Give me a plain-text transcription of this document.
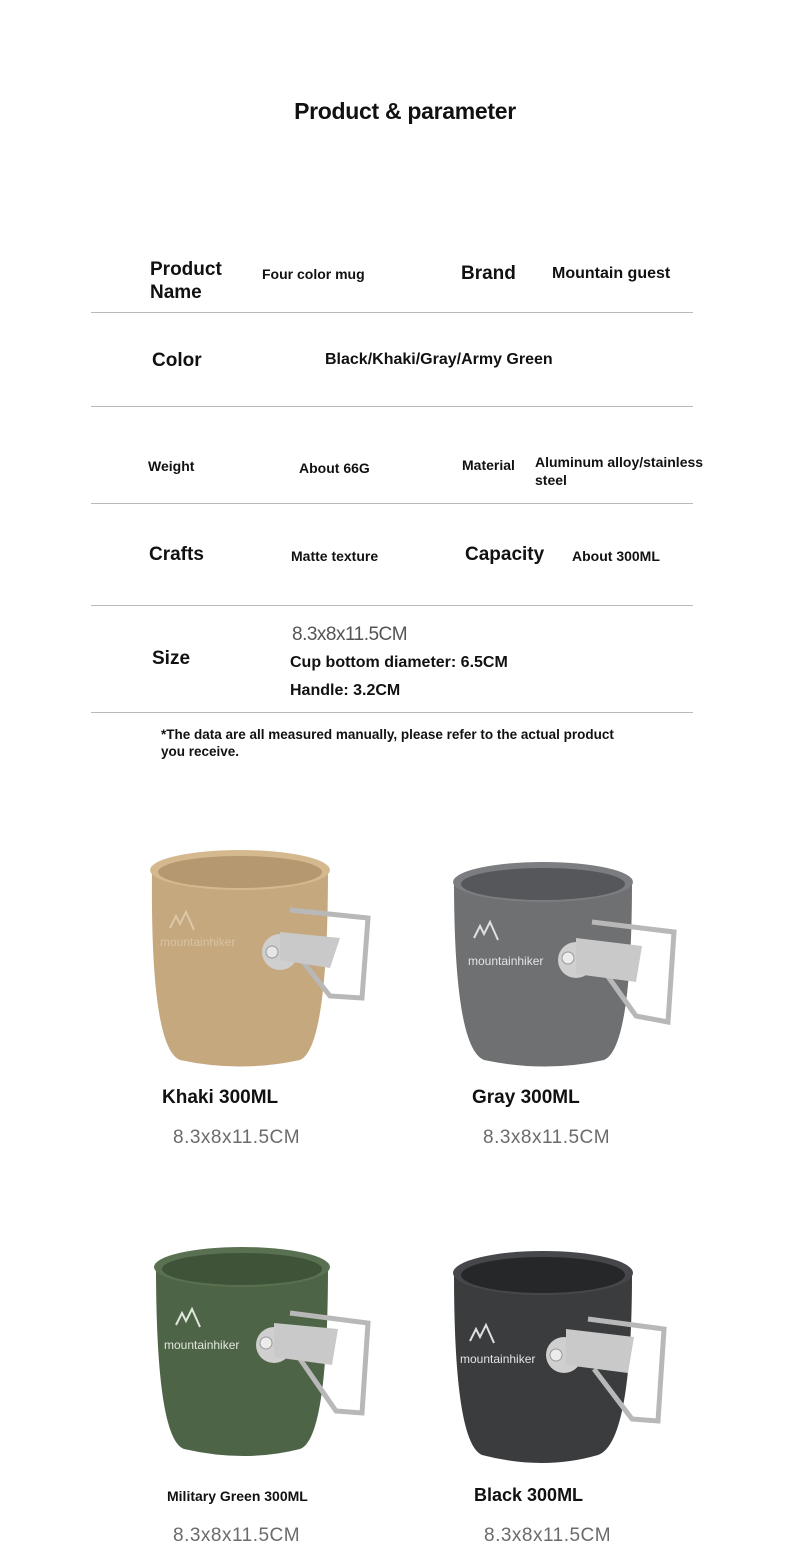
Product & parameter
Product
Name
Four color mug	Brand Mountain guest
Color	Black/Khaki/Gray/Army Green
Weight	About 66G	Material Aluminum alloy/stainless
steel
Crafts	Matte texture	Capacity About 300ML
Size
8.3x8x11.5CM
Cup bottom diameter: 6.5CM
Handle: 3.2CM
*The data are all measured manually, please refer to the actual product
you receive.
mountainhiker
mountainhiker
mountainhiker
mountainhiker
Khaki 300ML
8.3x8x11.5CM
Gray 300ML
8.3x8x11.5CM
Military Green 300ML
8.3x8x11.5CM
Black 300ML
8.3x8x11.5CM
